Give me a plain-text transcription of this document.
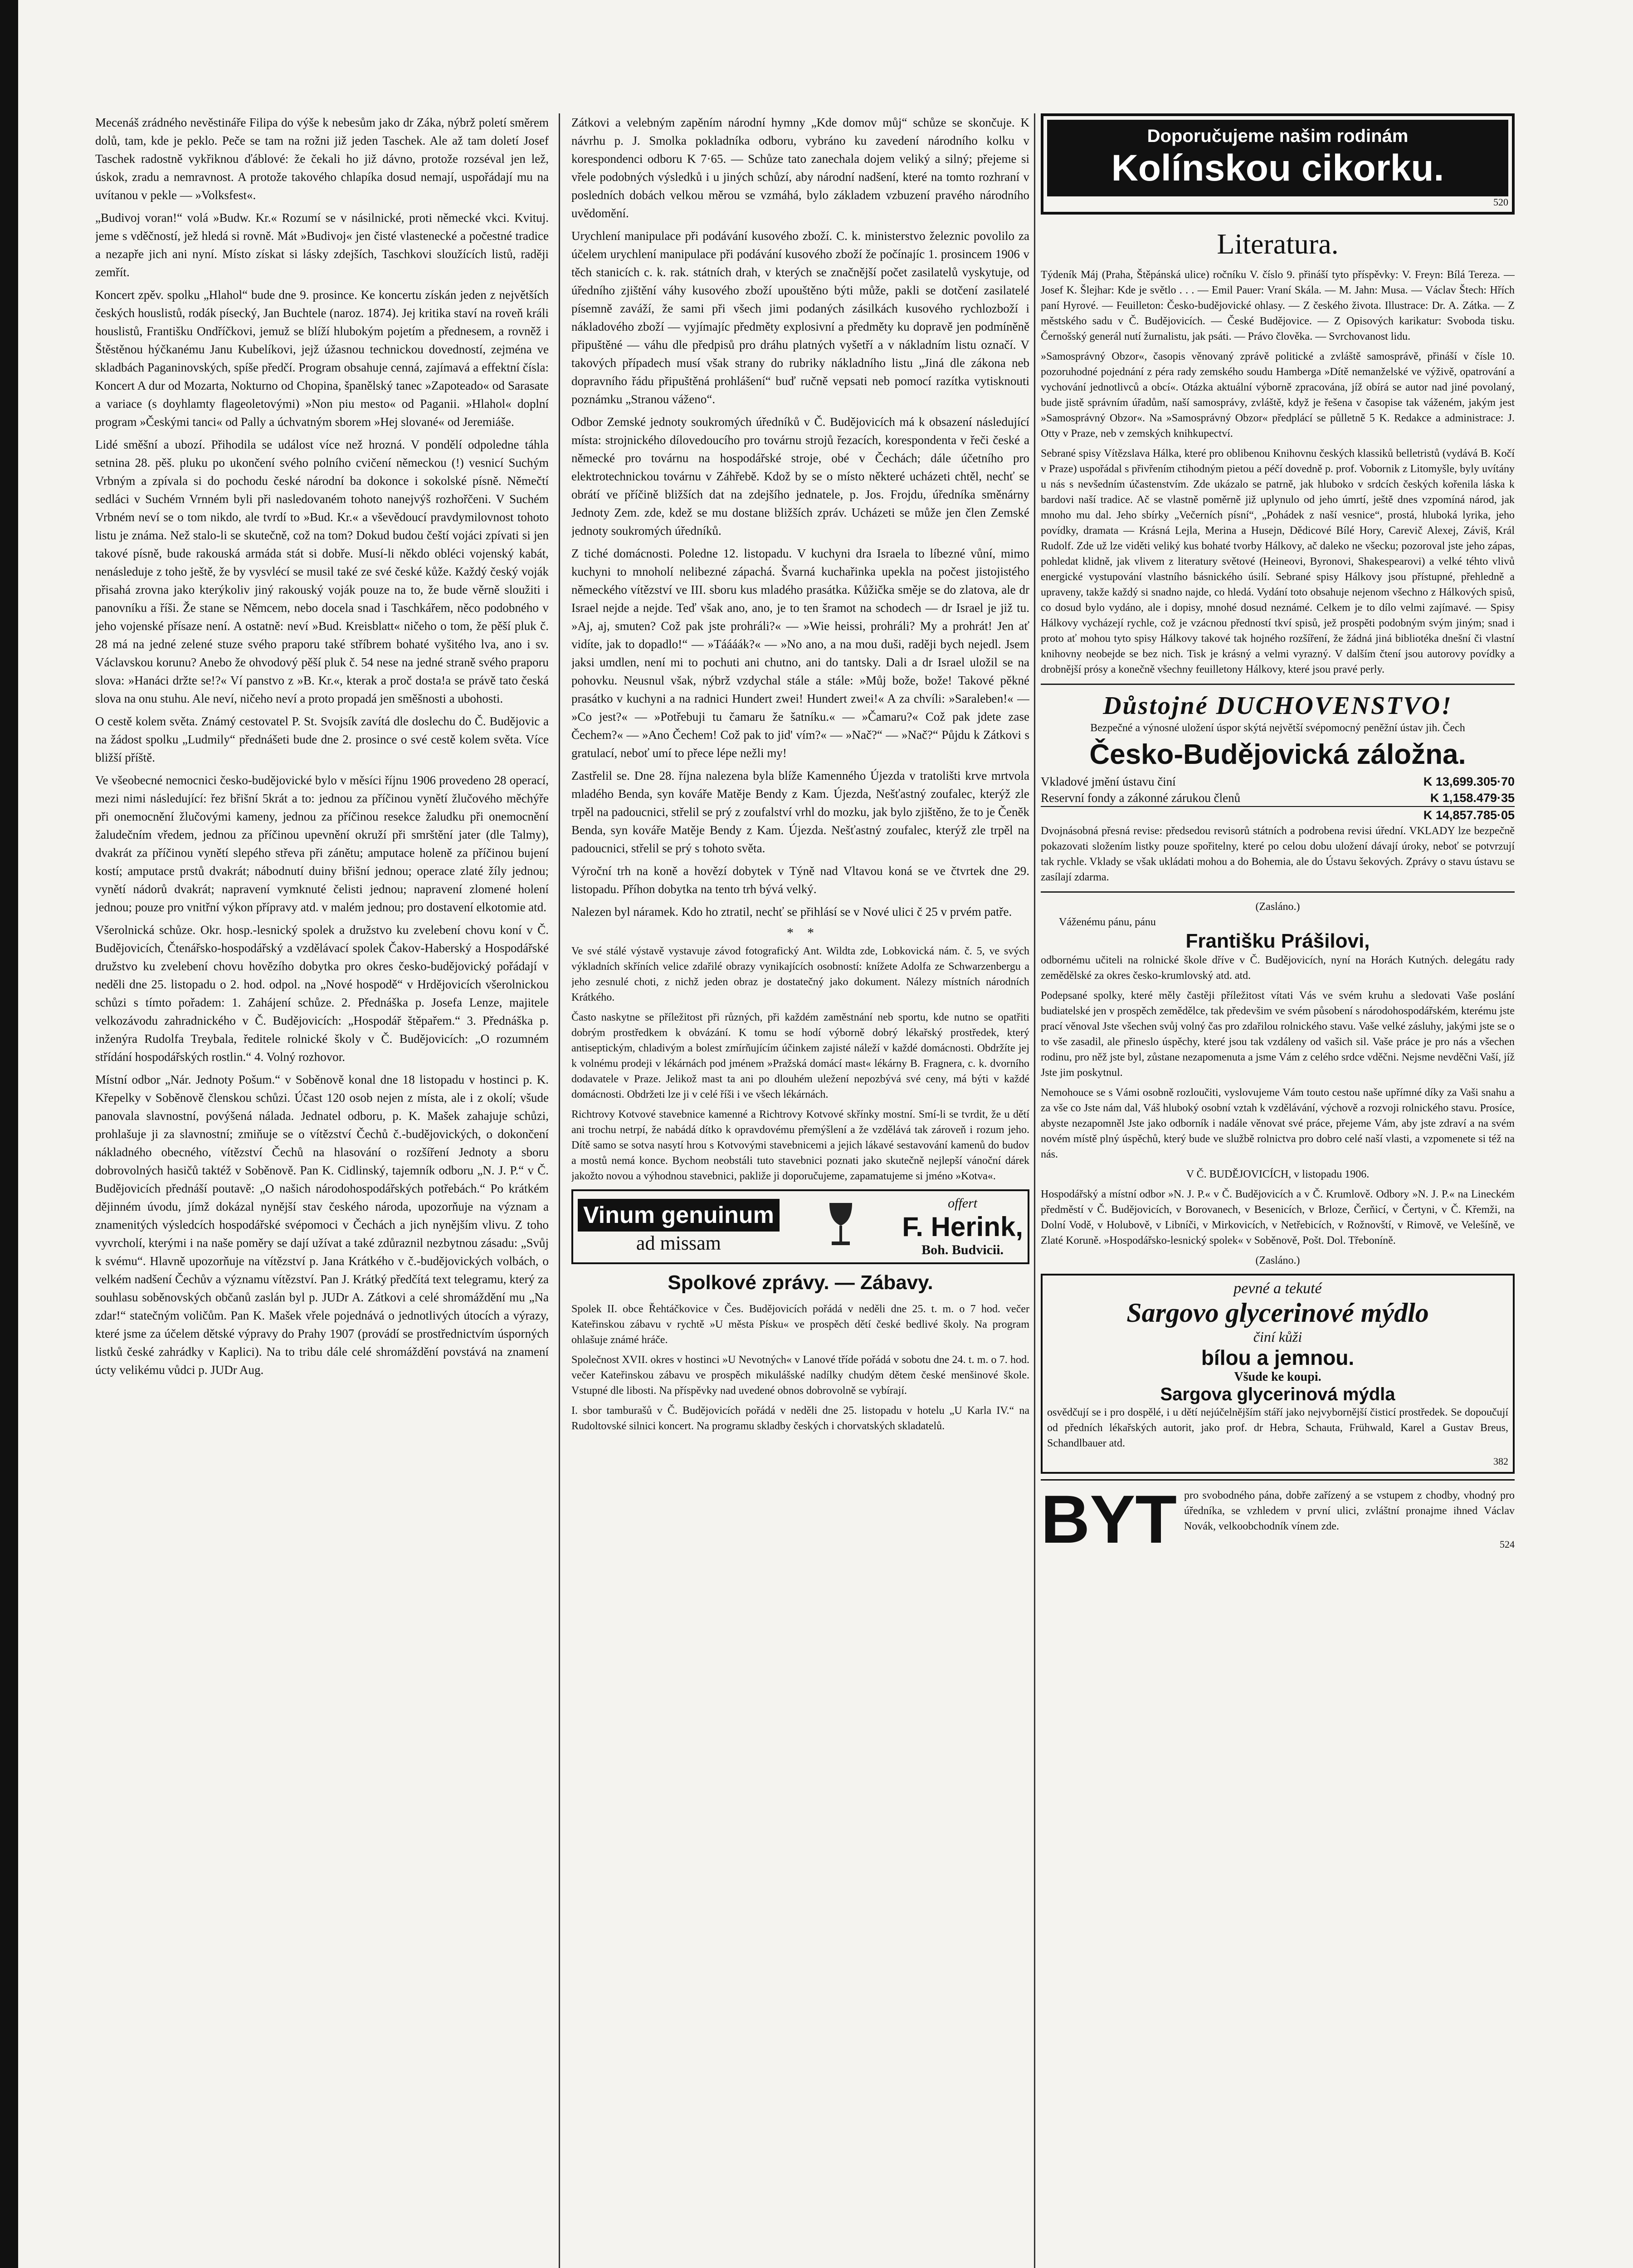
Mecenáš zrádného nevěstináře Filipa do výše k nebesům jako dr Záka, nýbrž poletí směrem dolů, tam, kde je peklo. Peče se tam na rožni již jeden Taschek. Ale až tam doletí Josef Taschek radostně vykřiknou ďáblové: že čekali ho již dávno, protože rozséval jen lež, úskok, zradu a nemravnost. A protože takového chlapíka dosud nemají, uspořádají mu na uvítanou v pekle — »Volksfest«.

„Budivoj voran!“ volá »Budw. Kr.« Rozumí se v násilnické, proti německé vkci. Kvituj. jeme s vděčností, jež hledá si rovně. Mát »Budivoj« jen čisté vlastenecké a počestné tradice a nezapře jich ani nyní. Místo získat si lásky zdejších, Taschkovi sloužících listů, raději zemřít.

Koncert zpěv. spolku „Hlahol“ bude dne 9. prosince. Ke koncertu získán jeden z největších českých houslistů, rodák písecký, Jan Buchtele (naroz. 1874). Jej kritika staví na roveň králi houslistů, Františku Ondříčkovi, jemuž se blíží hlubokým pojetím a přednesem, a rovněž i Štěstěnou hýčkanému Janu Kubelíkovi, jejž úžasnou technickou dovedností, zejména ve skladbách Paganinovských, spíše předčí. Program obsahuje cenná, zajímavá a effektní čísla: Koncert A dur od Mozarta, Nokturno od Chopina, španělský tanec »Zapoteado« od Sarasate a variace (s doyhlamty flageoletovými) »Non piu mesto« od Paganii. »Hlahol« doplní program »Českými tanci« od Pally a úchvatným sborem »Hej slované« od Jeremiáše.

Lidé směšní a ubozí. Přihodila se událost více než hrozná. V pondělí odpoledne táhla setnina 28. pěš. pluku po ukončení svého polního cvičení německou (!) vesnicí Suchým Vrbným a zpívala si do pochodu české národní ba dokonce i sokolské písně. Němečtí sedláci v Suchém Vrnném byli při nasledovaném tohoto nanejvýš rozhořčeni. V Suchém Vrbném neví se o tom nikdo, ale tvrdí to »Bud. Kr.« a vševědoucí pravdymilovnost tohoto listu je známa. Než stalo-li se skutečně, což na tom? Dokud budou čeští vojáci zpívati si jen takové písně, bude rakouská armáda stát si dobře. Musí-li někdo obléci vojenský kabát, nenásleduje z toho ještě, že by vysvlécí se musil také ze své české kůže. Každý český voják přisahá zrovna jako kterýkoliv jiný rakouský voják pouze na to, že bude věrně sloužiti i panovníku a říši. Že stane se Němcem, nebo docela snad i Taschkářem, něco podobného v jeho vojenské přísaze není. A ostatně: neví »Bud. Kreisblatt« ničeho o tom, že pěší pluk č. 28 má na jedné zelené stuze svého praporu také stříbrem bohaté vyšitého lva, ano i sv. Václavskou korunu? Anebo že ohvodový pěší pluk č. 54 nese na jedné straně svého praporu slova: »Hanáci držte se!?« Ví panstvo z »B. Kr.«, kterak a proč dosta!a se právě tato česká slova na onu stuhu. Ale neví, ničeho neví a proto propadá jen směšnosti a ubohosti.

O cestě kolem světa. Známý cestovatel P. St. Svojsík zavítá dle doslechu do Č. Budějovic a na žádost spolku „Ludmily“ přednášeti bude dne 2. prosince o své cestě kolem světa. Více bližší příště.

Ve všeobecné nemocnici česko-budějovické bylo v měsíci říjnu 1906 provedeno 28 operací, mezi nimi následující: řez břišní 5krát a to: jednou za příčinou vynětí žlučového měchýře při onemocnění žlučovými kameny, jednou za příčinou resekce žaludku při onemocnění žaludečním vředem, jednou za příčinou upevnění okruží při smrštění jater (dle Talmy), dvakrát za příčinou vynětí slepého střeva při zánětu; amputace holeně za příčinou bujení kostí; amputace prstů dvakrát; nábodnutí duiny břišní jednou; operace zlaté žíly jednou; vynětí nádorů dvakrát; napravení vymknuté čelisti jednou; napravení zlomené holení jednou; pouze pro vnitřní výkon přípravy atd. v malém jednou; pro dostavení elkotomie atd.

Všerolnická schůze. Okr. hosp.-lesnický spolek a družstvo ku zvelebení chovu koní v Č. Budějovicích, Čtenářsko-hospodářský a vzdělávací spolek Čakov-Haberský a Hospodářské družstvo ku zvelebení chovu hovězího dobytka pro okres česko-budějovický pořádají v neděli dne 25. listopadu o 2. hod. odpol. na „Nové hospodě“ v Hrdějovicích všerolnickou schůzi s tímto pořadem: 1. Zahájení schůze. 2. Přednáška p. Josefa Lenze, majitele velkozávodu zahradnického v Č. Budějovicích: „Hospodář štěpařem.“ 3. Přednáška p. inženýra Rudolfa Treybala, ředitele rolnické školy v Č. Budějovicích: „O rozumném střídání hospodářských rostlin.“ 4. Volný rozhovor.

Místní odbor „Nár. Jednoty Pošum.“ v Soběnově konal dne 18 listopadu v hostinci p. K. Křepelky v Soběnově členskou schůzi. Účast 120 osob nejen z místa, ale i z okolí; všude panovala slavnostní, povýšená nálada. Jednatel odboru, p. K. Mašek zahajuje schůzi, prohlašuje ji za slavnostní; zmiňuje se o vítězství Čechů č.-budějovických, o dokončení nákladného obecného, vítězství Čechů na hlasování o rozšíření Jednoty a sboru dobrovolných hasičů taktéž v Soběnově. Pan K. Cidlinský, tajemník odboru „N. J. P.“ v Č. Budějovicích přednáší poutavě: „O našich národohospodářských potřebách.“ Po krátkém dějinném úvodu, jímž dokázal nynější stav českého národa, upozorňuje na význam a znamenitých výsledcích hospodářské svépomoci v Čechách a jich nynějším vlivu. Z toho vyvrcholí, kterými i na naše poměry se dají užívat a také zdůraznil nezbytnou zásadu: „Svůj k svému“. Hlavně upozorňuje na vítězství p. Jana Krátkého v č.-budějovických volbách, o velkém nadšení Čechův a významu vítězství. Pan J. Krátký předčítá text telegramu, který za souhlasu soběnovských občanů zaslán byl p. JUDr A. Zátkovi a celé shromáždění mu „Na zdar!“ statečným voličům. Pan K. Mašek vřele pojednává o jednotlivých útocích a výrazy, které jsme za účelem dětské výpravy do Prahy 1907 (provádí se prostřednictvím úsporných listků české zahrádky v Kaplici). Na to tribu dále celé shromáždění povstává na znamení úcty velikému vůdci p. JUDr Aug.

Zátkovi a velebným zapěním národní hymny „Kde domov můj“ schůze se skončuje. K návrhu p. J. Smolka pokladníka odboru, vybráno ku zavedení národního kolku v korespondenci odboru K 7·65. — Schůze tato zanechala dojem veliký a silný; přejeme si vřele podobných výsledků i u jiných schůzí, aby národní nadšení, které na tomto rozhraní v posledních dobách velkou měrou se vzmáhá, bylo základem vzbuzení pravého národního uvědomění.

Urychlení manipulace při podávání kusového zboží. C. k. ministerstvo železnic povolilo za účelem urychlení manipulace při podávání kusového zboží že počínajíc 1. prosincem 1906 v těch stanicích c. k. rak. státních drah, v kterých se značnější počet zasilatelů vyskytuje, od úředního zjištění váhy kusového zboží upouštěno býti může, pakli se dotčení zasilatelé písemně zaváží, že sami při všech jimi podaných zásilkách kusového rychlozboží i nákladového zboží — vyjímajíc předměty explosivní a předměty ku dopravě jen podmíněně připuštěné — váhu dle předpisů pro dráhu platných vyšetří a v nákladním listu označí. V takových případech musí však strany do rubriky nákladního listu „Jiná dle zákona neb dopravního řádu připuštěná prohlášení“ buď ručně vepsati neb pomocí razítka vytisknouti poznámku „Stranou váženo“.

Odbor Zemské jednoty soukromých úředníků v Č. Budějovicích má k obsazení následující místa: strojnického dílovedoucího pro továrnu strojů řezacích, korespondenta v řeči české a německé pro továrnu na hospodářské stroje, obé v Čechách; dále účetního pro elektrotechnickou továrnu v Záhřebě. Kdož by se o místo některé ucházeti chtěl, nechť se obrátí ve příčině bližších dat na zdejšího jednatele, p. Jos. Frojdu, úředníka směnárny Jednoty Zem. zde, kdež se mu dostane bližších zpráv. Ucházeti se může jen člen Zemské jednoty soukromých úředníků.

Z tiché domácnosti. Poledne 12. listopadu. V kuchyni dra Israela to líbezné vůní, mimo kuchyni to mnoholí nelibezné zápachá. Švarná kuchařinka upekla na počest jistojistého německého vítězství ve III. sboru kus mladého prasátka. Kůžička směje se do zlatova, ale dr Israel nejde a nejde. Teď však ano, ano, je to ten šramot na schodech — dr Israel je již tu. »Aj, aj, smuten? Což pak jste prohráli?« — »Wie heissi, prohráli? My a prohrát! Jen ať vidíte, jak to dopadlo!“ — »Táááák?« — »No ano, a na mou duši, raději bych nejedl. Jsem jaksi umdlen, není mi to pochuti ani chutno, ani do tantsky. Dali a dr Israel uložil se na pohovku. Neusnul však, nýbrž vzdychal stále a stále: »Můj bože, bože! Takové pěkné prasátko v kuchyni a na radnici Hundert zwei! Hundert zwei!« A za chvíli: »Saraleben!« — »Co jest?« — »Potřebuji tu čamaru že šatníku.« — »Čamaru?« Což pak jdete zase Čechem?« — »Ano Čechem! Což pak to jid' vím?« — »Nač?“ — »Nač?“ Půjdu k Zátkovi s gratulací, neboť umí to přece lépe nežli my!

Zastřelil se. Dne 28. října nalezena byla blíže Kamenného Újezda v tratolišti krve mrtvola mladého Benda, syn kováře Matěje Bendy z Kam. Újezda, Nešťastný zoufalec, kterýž zle trpěl na padoucnici, střelil se prý z zoufalství vrhl do mozku, jak bylo zjištěno, že to je Čeněk Benda, syn kováře Matěje Bendy z Kam. Újezda. Nešťastný zoufalec, kterýž zle trpěl na padoucnici, střelil se prý s tohoto světa.

Výroční trh na koně a hovězí dobytek v Týně nad Vltavou koná se ve čtvrtek dne 29. listopadu. Příhon dobytka na tento trh bývá velký.

Nalezen byl náramek. Kdo ho ztratil, nechť se přihlásí se v Nové ulici č 25 v prvém patře.

*    *

Ve své stálé výstavě vystavuje závod fotografický Ant. Wildta zde, Lobkovická nám. č. 5, ve svých výkladních skříních velice zdařilé obrazy vynikajících osobností: knížete Adolfa ze Schwarzenbergu a jeho zesnulé choti, z nichž jeden obraz je dostatečný jako dokument. Nálezy místních národních Krátkého.

Často naskytne se příležitost při různých, při každém zaměstnání neb sportu, kde nutno se opatřiti dobrým prostředkem k obvázání. K tomu se hodí výborně dobrý lékařský prostředek, který antiseptickým, chladivým a bolest zmírňujícím účinkem zajisté náleží v každé domácnosti. Obdržíte jej k volnému prodeji v lékárnách pod jménem »Pražská domácí mast« lékárny B. Fragnera, c. k. dvorního dodavatele v Praze. Jelikož mast ta ani po dlouhém uležení nepozbývá své ceny, má býti v každé domácnosti. Obdržeti lze ji v celé říši i ve všech lékárnách.

Richtrovy Kotvové stavebnice kamenné a Richtrovy Kotvové skřínky mostní. Smí-li se tvrdit, že u dětí ani trochu netrpí, že nabádá dítko k opravdovému přemýšlení a že vzdělává tak zároveň i rozum jeho. Dítě samo se sotva nasytí hrou s Kotvovými stavebnicemi a jejich lákavé sestavování kamenů do budov a mostů nemá konce. Bychom neobstáli tuto stavebnici poznati jako skutečně nejlepší vánoční dárek jakožto novou a výhodnou stavebnici, pakliže ji doporučujeme, zapamatujeme si jméno »Kotva«.

Vinum genuinum
ad missam
offert
F. Herink,
Boh. Budvicii.
Spolkové zprávy. — Zábavy.

Spolek II. obce Řehtáčkovice v Čes. Budějovicích pořádá v neděli dne 25. t. m. o 7 hod. večer Kateřinskou zábavu v rychtě »U města Písku« ve prospěch dětí české bedlivé školy. Na program ohlašuje známé hráče.

Společnost XVII. okres v hostinci »U Nevotných« v Lanové tříde pořádá v sobotu dne 24. t. m. o 7. hod. večer Kateřinskou zábavu ve prospěch mikulášské nadílky chudým dětem české menšinové škole. Vstupné dle libosti. Na příspěvky nad uvedené obnos dobrovolně se vybírají.

I. sbor tamburašů v Č. Budějovicích pořádá v neděli dne 25. listopadu v hotelu „U Karla IV.“ na Rudoltovské silnici koncert. Na programu skladby českých i chorvatských skladatelů.

Doporučujeme našim rodinám
Kolínskou cikorku.
520
Literatura.

Týdeník Máj (Praha, Štěpánská ulice) ročníku V. číslo 9. přináší tyto příspěvky: V. Freyn: Bílá Tereza. — Josef K. Šlejhar: Kde je světlo . . . — Emil Pauer: Vraní Skála. — M. Jahn: Musa. — Václav Štech: Hřích paní Hyrové. — Feuilleton: Česko-budějovické ohlasy. — Z českého života. Illustrace: Dr. A. Zátka. — Z městského sadu v Č. Budějovicích. — České Budějovice. — Z Opisových karikatur: Svoboda tisku. Černošský generál nutí žurnalistu, jak psáti. — Právo člověka. — Svrchovanost lidu.

»Samosprávný Obzor«, časopis věnovaný zprávě politické a zvláště samosprávě, přináší v čísle 10. pozoruhodné pojednání z péra rady zemského soudu Hamberga »Dítě nemanželské ve výživě, opatrování a vychování jednotlivců a obcí«. Otázka aktuální výborně zpracována, jíž obírá se autor nad jiné povolaný, bude jistě správním úřadům, naší samosprávy, zvláště, když je řešena v časopise tak váženém, jakým jest »Samosprávný Obzor«. Na »Samosprávný Obzor« předplácí se půlletně 5 K. Redakce a administrace: J. Otty v Praze, neb v zemských knihkupectví.

Sebrané spisy Vítězslava Hálka, které pro oblibenou Knihovnu českých klassiků belletristů (vydává B. Kočí v Praze) uspořádal s přivřením ctihodným pietou a péčí dovedně p. prof. Vobornik z Litomyšle, byly uvítány u nás s nevšedním účastenstvím. Zde ukázalo se patrně, jak hluboko v srdcích českých kořenila láska k bardovi naší tradice. Ač se vlastně poměrně již uplynulo od jeho úmrtí, ještě dnes vzpomíná národ, jak mnoho mu dal. Jeho sbírky „Večerních písní“, „Pohádek z naší vesnice“, prostá, hluboká lyrika, jeho povídky, dramata — Krásná Lejla, Merina a Husejn, Dědicové Bílé Hory, Carevič Alexej, Záviš, Král Rudolf. Zde už lze viděti veliký kus bohaté tvorby Hálkovy, ač daleko ne všecku; pozoroval jste jeho zápas, pohledat klidně, jak vlivem z literatury světové (Heineovi, Byronovi, Shakespearovi) a velké téhto vlivů energické vystupování vlastního básnického úsilí. Sebrané spisy Hálkovy jsou přístupné, přehledně a upraveny, takže každý si snadno najde, co hledá. Vydání toto obsahuje nejenom všechno z Hálkových spisů, co dosud bylo vydáno, ale i dopisy, mnohé dosud neznámé. Celkem je to dílo velmi zajímavé. — Spisy Hálkovy vycházejí rychle, což je vzácnou předností tkví spisů, jež prospěti podobným svým jiným; snad i proto ať mohou tyto spisy Hálkovy takové tak hojného rozšíření, že žádná jiná bibliotéka dnešní či vlastní knihovny neobejde se bez nich. Tisk je krásný a velmi vyrazný. V dalším čtení jsou autorovy povídky a drobnější prósy a konečně všechny feuilletony Hálkovy, které jsou pravé perly.

Důstojné DUCHOVENSTVO!
Bezpečné a výnosné uložení úspor skýtá největší svépomocný peněžní ústav jih. Čech
Česko-Budějovická záložna.
Vkladové jmění ústavu činí	K 13,699.305·70
Reservní fondy a zákonné zárukou členů	K 1,158.479·35
K 14,857.785·05

Dvojnásobná přesná revise: předsedou revisorů státních a podrobena revisi úřední. VKLADY lze bezpečně pokazovati složením listky pouze spořitelny, které po celou dobu uložení dávají úroky, neboť se potvrzují tak rychle. Vklady se však ukládati mohou a do Bohemia, ale do Ústavu šekových. Zprávy o stavu ústavu se zasílají zdarma.

(Zasláno.)
Váženému pánu, pánu
Františku Prášilovi,

odbornému učiteli na rolnické škole dříve v Č. Budějovicích, nyní na Horách Kutných. delegátu rady zemědělské za okres česko-krumlovský atd. atd.

Podepsané spolky, které měly častěji příležitost vítati Vás ve svém kruhu a sledovati Vaše poslání budiatelské jen v prospěch zemědělce, tak předevšim ve svém působení s národohospodářském, kterému jste prací věnoval Jste všechen svůj volný čas pro zdařilou rolnického stavu. Vaše velké zásluhy, jakými jste se o to vše zasadil, ale přineslo úspěchy, které jsou tak vzdáleny od vašich sil. Vaše práce je pro nás a všechen rodinu, pro něž jste byl, zůstane nezapomenuta a jsme Vám z celého srdce vděčni. Nejsme nevděčni Vaší, jíž Jste jim poskytnul.

Nemohouce se s Vámi osobně rozloučiti, vyslovujeme Vám touto cestou naše upřímné díky za Vaši snahu a za vše co Jste nám dal, Váš hluboký osobní vztah k vzdělávání, výchově a rozvoji rolnického stavu. Prosíce, abyste nezapomněl Jste jako odborník i nadále věnovat své práce, přejeme Vám, aby jste zdraví a na svém novém místě plný úspěchů, který bude ve službě rolnictva pro dobro celé naší vlasti, a vzpomenete si též na nás.

V Č. BUDĚJOVICÍCH, v listopadu 1906.

Hospodářský a místní odbor »N. J. P.« v Č. Budějovicích a v Č. Krumlově. Odbory »N. J. P.« na Lineckém předměstí v Č. Budějovicích, v Borovanech, v Besenicích, v Brloze, Čerňicí, v Čertyni, v Č. Křemži, na Dolní Vodě, v Holubově, v Libníči, v Mirkovicích, v Netřebicích, v Rožnovští, v Rimově, ve Velešíně, ve Zlaté Koruně. »Hospodářsko-lesnický spolek« v Soběnově, Pošt. Dol. Třeboníně.

(Zasláno.)
pevné a tekuté
Sargovo glycerinové mýdlo
činí kůži
bílou a jemnou.
Všude ke koupi.
Sargova glycerinová mýdla

osvědčují se i pro dospělé, i u dětí nejúčelnějším stáří jako nejvybornější čisticí prostředek. Se dopoučují od předních lékařských autorit, jako prof. dr Hebra, Schauta, Frühwald, Karel a Gustav Breus, Schandlbauer atd.

382
BYT pro svobodného pána, dobře zařízený a se vstupem z chodby, vhodný pro úředníka, se vzhledem v první ulici, zvláštní pronajme ihned Václav Novák, velkoobchodník vínem zde.

524
